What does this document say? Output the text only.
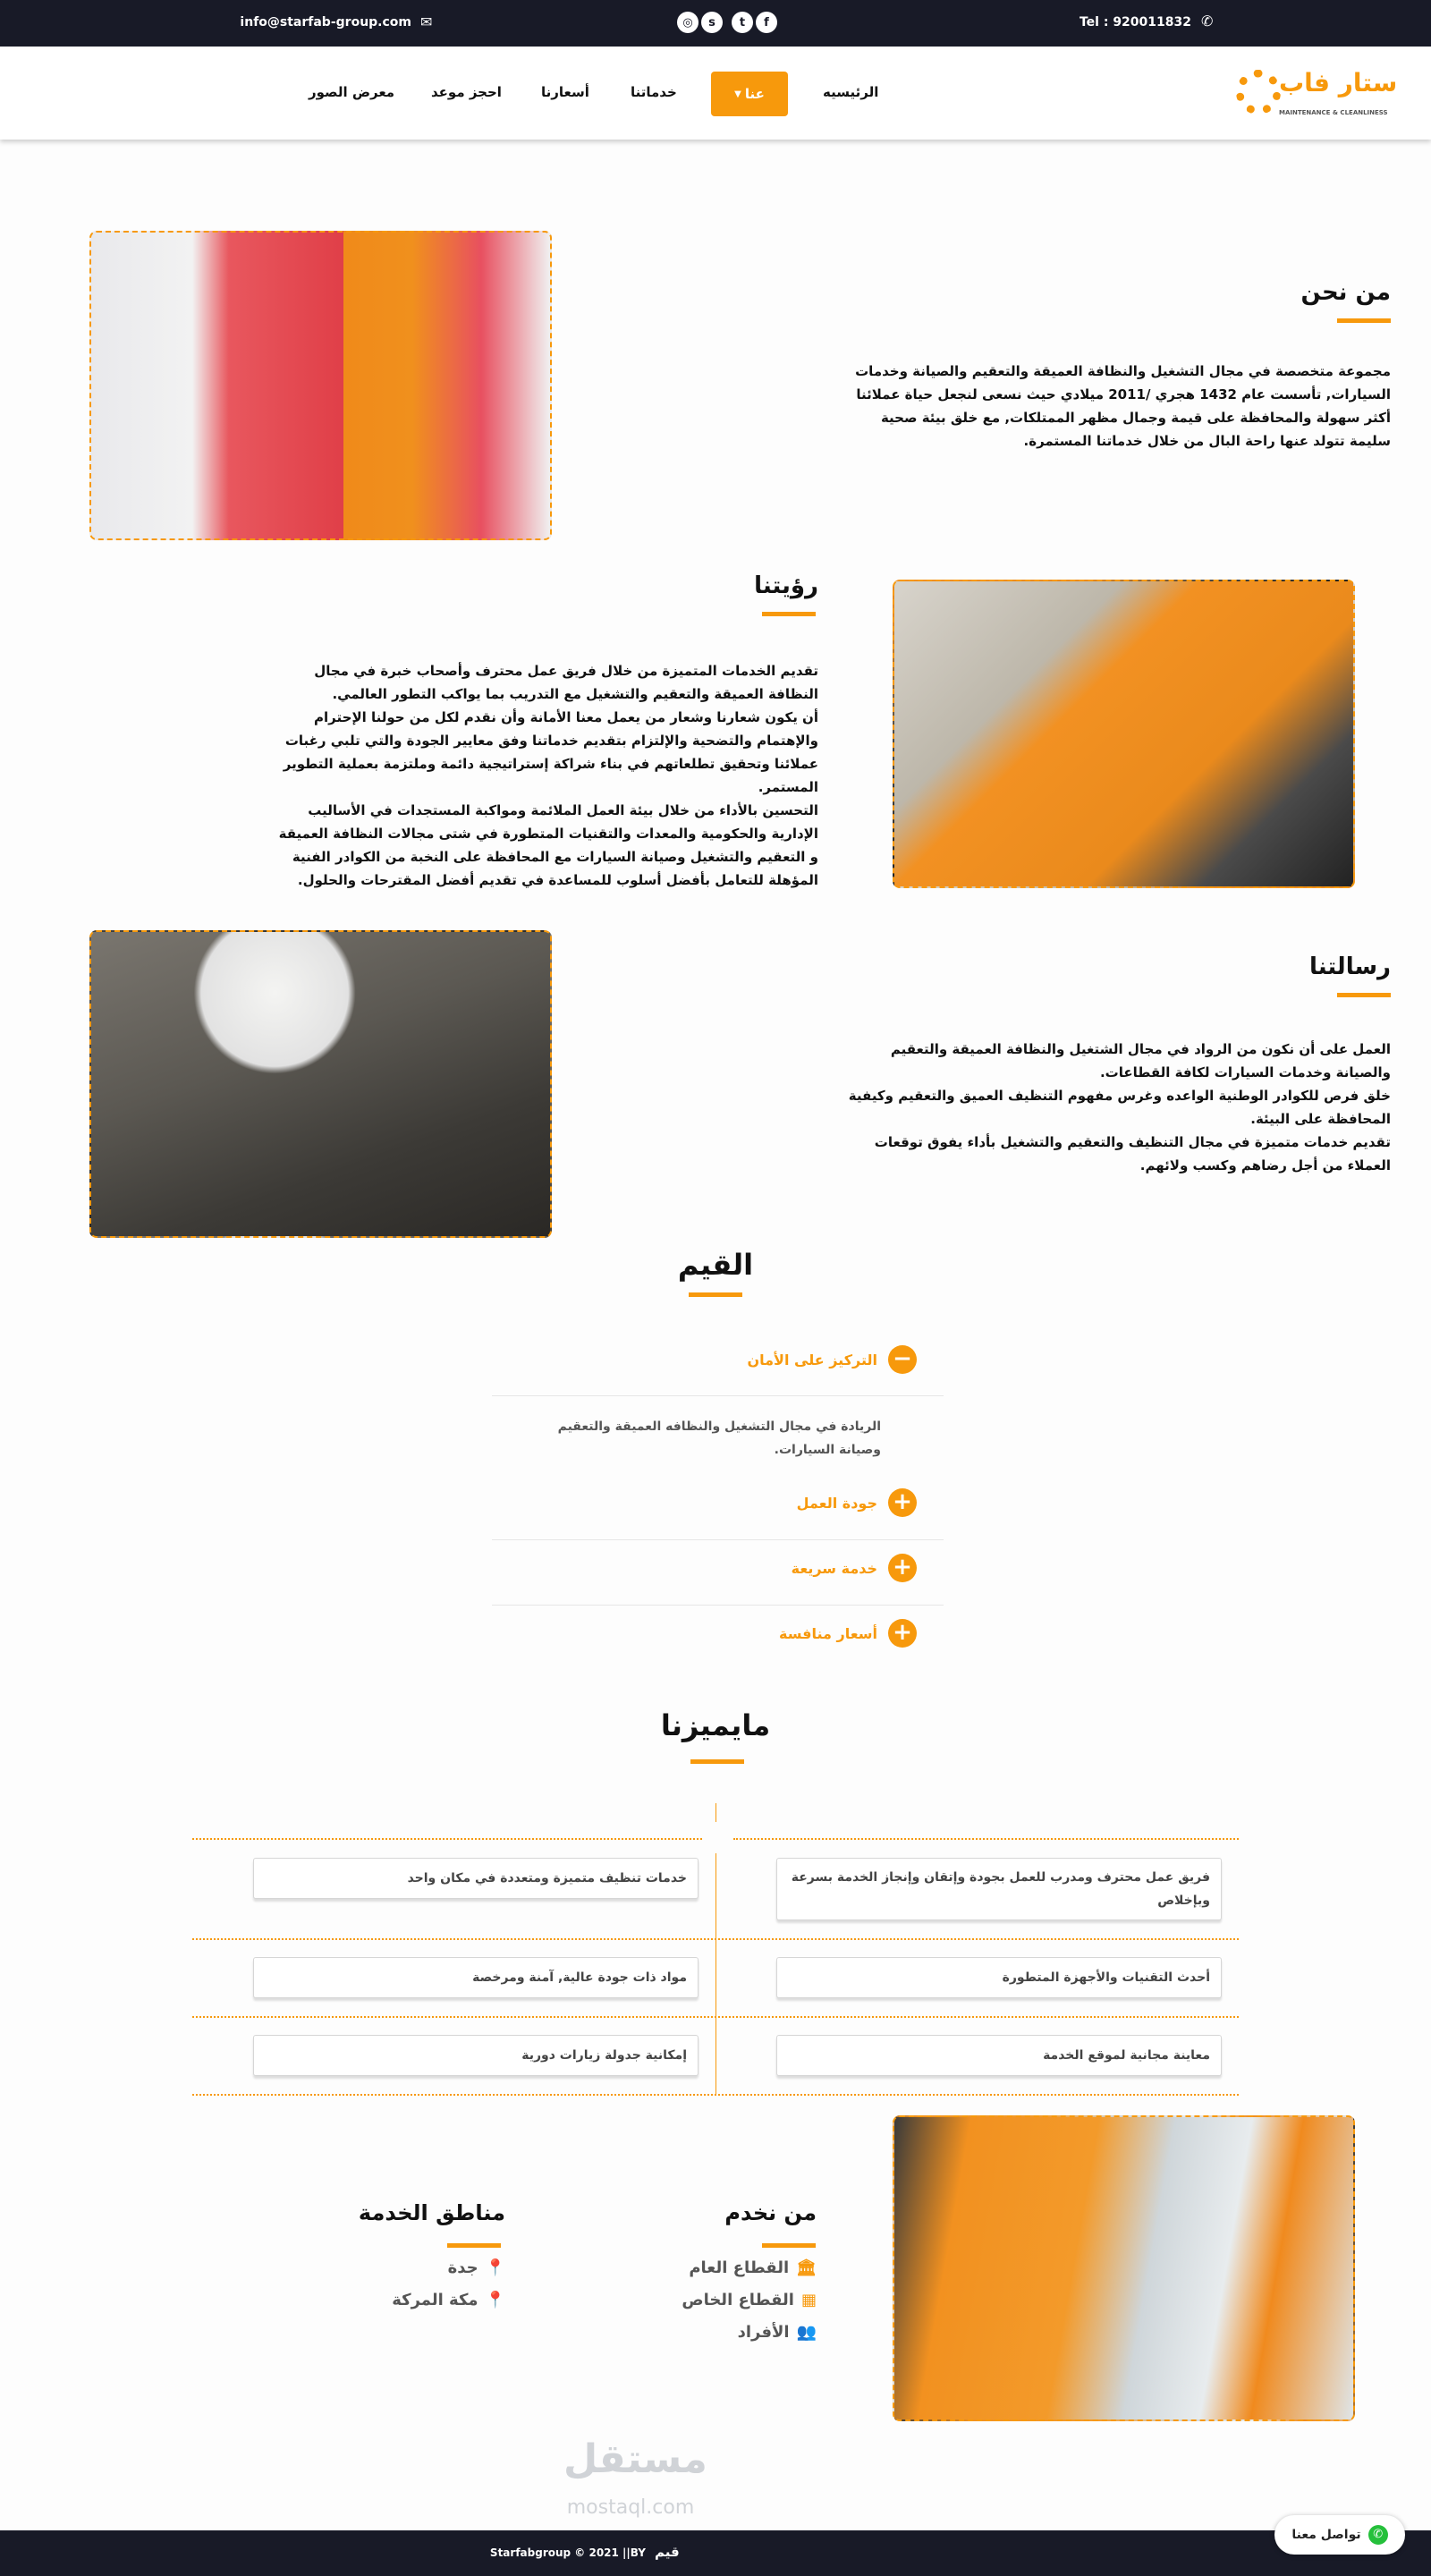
✉
info@starfab-group.com	f
t
s
◎	Tel : 920011832 ✆
ستار فاب
MAINTENANCE & CLEANLINESS
الرئيسيه
عنا
▼
خدماتنا
أسعارنا
احجز موعد
معرض الصور
من نحن
مجموعة متخصصة في مجال التشغيل والنظافة العميقة والتعقيم والصيانة وخدمات السيارات, تأسست عام 1432 هجري /2011 ميلادي حيث نسعى لنجعل حياة عملائنا أكثر سهولة والمحافظة على قيمة وجمال مظهر الممتلكات, مع خلق بيئة صحية سليمة تتولد عنها راحة البال من خلال خدماتنا المستمرة.
رؤيتنا
تقديم الخدمات المتميزة من خلال فريق عمل محترف وأصحاب خبرة في مجال النظافة العميقة والتعقيم والتشغيل مع التدريب بما يواكب التطور العالمي.
أن يكون شعارنا وشعار من يعمل معنا الأمانة وأن نقدم لكل من حولنا الإحترام والإهتمام والتضحية والإلتزام بتقديم خدماتنا وفق معايير الجودة والتي تلبي رغبات عملائنا وتحقيق تطلعاتهم في بناء شراكة إستراتيجية دائمة وملتزمة بعملية التطوير المستمر.
التحسين بالأداء من خلال بيئة العمل الملائمة ومواكبة المستجدات في الأساليب الإدارية والحكومية والمعدات والتقنيات المتطورة في شتى مجالات النظافة العميقة و التعقيم والتشغيل وصيانة السيارات مع المحافظة على النخبة من الكوادر الفنية المؤهلة للتعامل بأفضل أسلوب للمساعدة في تقديم أفضل المقترحات والحلول.
رسالتنا
العمل على أن نكون من الرواد في مجال الشتغيل والنظافة العميقة والتعقيم والصيانة وخدمات السيارات لكافة القطاعات.
خلق فرص للكوادر الوطنية الواعده وغرس مفهوم التنظيف العميق والتعقيم وكيفية المحافظة على البيئة.
تقديم خدمات متميزة في مجال التنظيف والتعقيم والتشغيل بأداء يفوق توقعات العملاء من أجل رضاهم وكسب ولائهم.
القيم
−
التركيز على الأمان
الريادة في مجال التشغيل والنظافه العميقة والتعقيم وصيانة السيارات.
+
جودة العمل
+
خدمة سريعة
+
أسعار منافسة
مايميزنا
فريق عمل محترف ومدرب للعمل بجودة وإتقان وإنجاز الخدمة بسرعة وبإخلاص
خدمات تنظيف متميزة ومتعددة في مكان واحد
أحدث التقنيات والأجهزة المتطورة
مواد ذات جودة عالية, آمنة ومرخصة
معاينة مجانية لموقع الخدمة
إمكانية جدولة زيارات دورية
من نخدم
🏛
القطاع العام
▦
القطاع الخاص
👥
الأفراد
مناطق الخدمة
📍
جدة
📍
مكة المركة
مستقل
mostaql.com
Starfabgroup © 2021 ||BY قيم
✆
تواصل معنا
